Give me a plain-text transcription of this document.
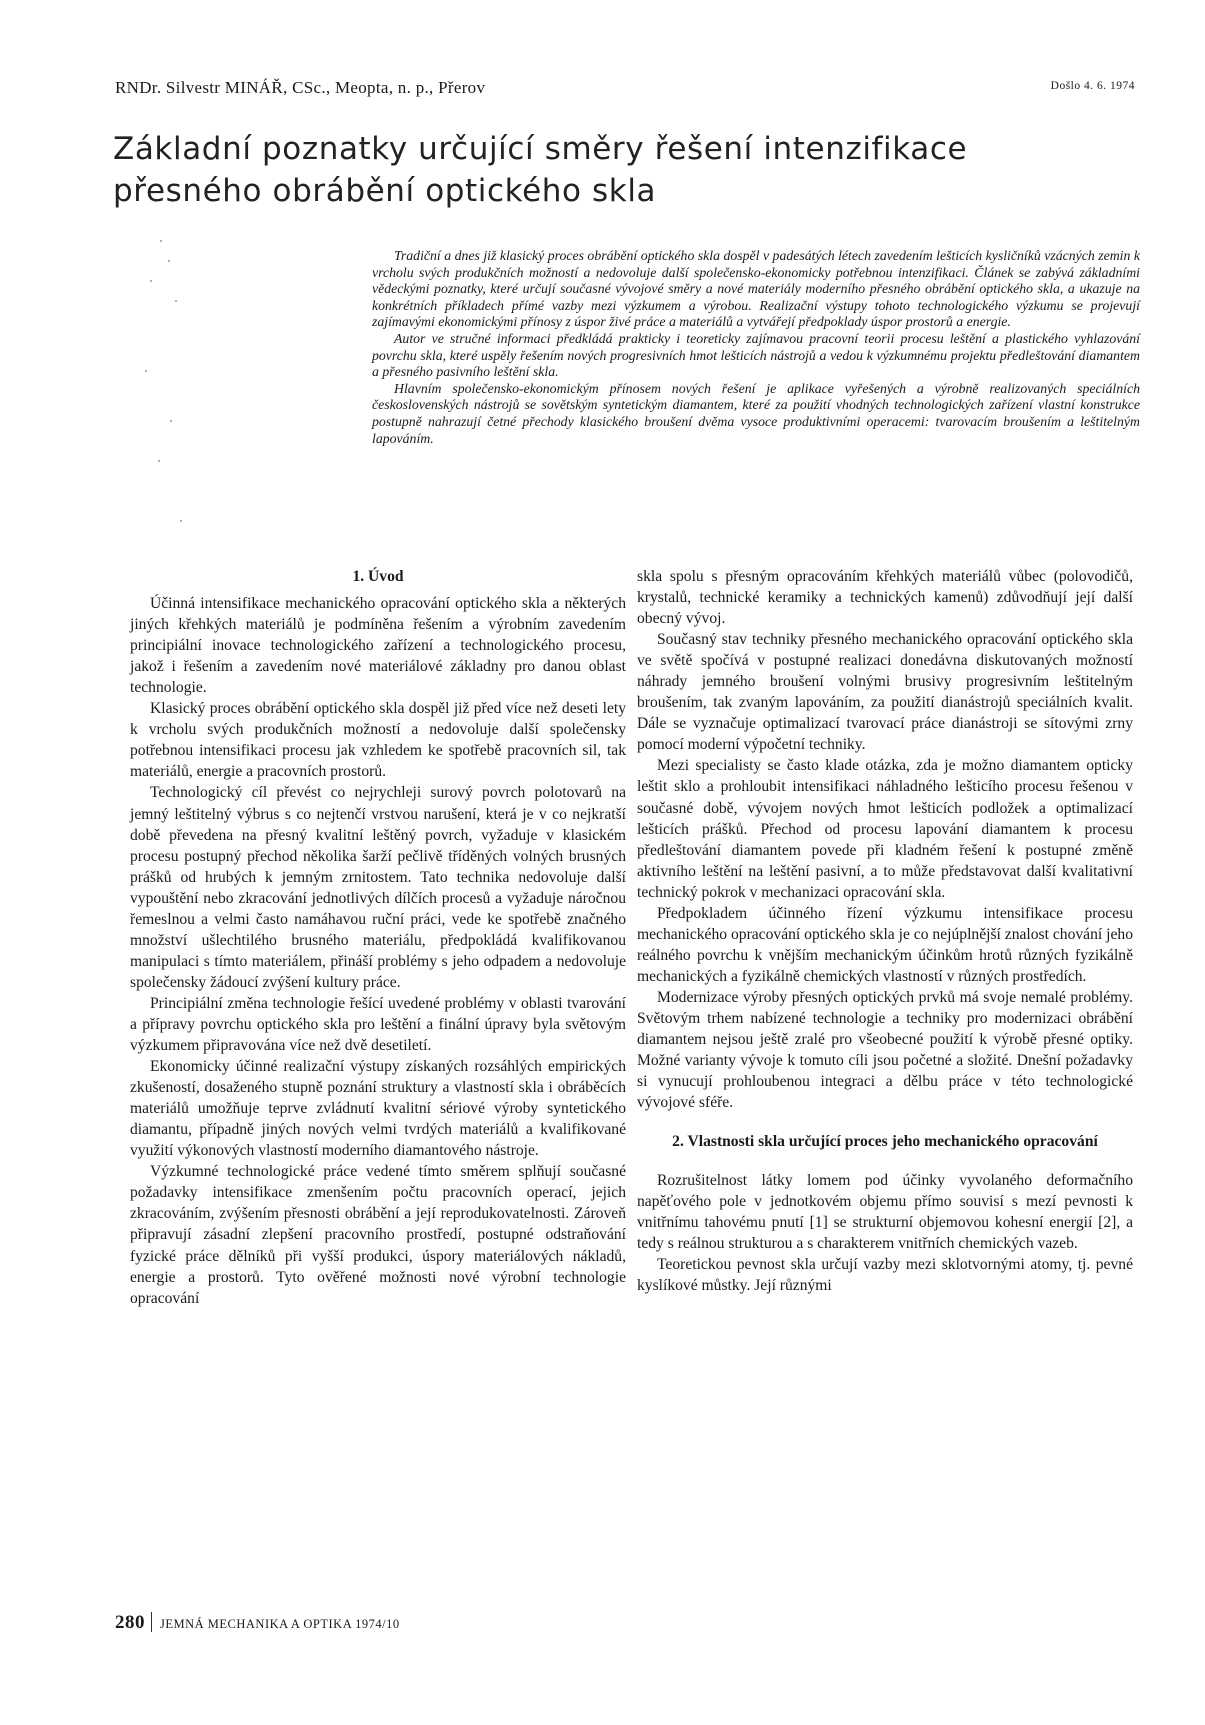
RNDr. Silvestr MINÁŘ, CSc., Meopta, n. p., Přerov	Došlo 4. 6. 1974
Základní poznatky určující směry řešení intenzifikace
přesného obrábění optického skla

Tradiční a dnes již klasický proces obrábění optického skla dospěl v padesátých létech zavedením lešticích kysličníků vzácných zemin k vrcholu svých produkčních možností a nedovoluje další společensko-ekonomicky potřebnou intenzifikaci. Článek se zabývá základními vědeckými poznatky, které určují současné vývojové směry a nové materiály moderního přesného obrábění optického skla, a ukazuje na konkrétních příkladech přímé vazby mezi výzkumem a výrobou. Realizační výstupy tohoto technologického výzkumu se projevují zajímavými ekonomickými přínosy z úspor živé práce a materiálů a vytvářejí předpoklady úspor prostorů a energie.

Autor ve stručné informaci předkládá prakticky i teoreticky zajímavou pracovní teorii procesu leštění a plastického vyhlazování povrchu skla, které uspěly řešením nových progresivních hmot lešticích nástrojů a vedou k výzkumnému projektu předleštování diamantem a přesného pasivního leštění skla.

Hlavním společensko-ekonomickým přínosem nových řešení je aplikace vyřešených a výrobně realizovaných speciálních československých nástrojů se sovětským syntetickým diamantem, které za použití vhodných technologických zařízení vlastní konstrukce postupně nahrazují četné přechody klasického broušení dvěma vysoce produktivními operacemi: tvarovacím broušením a leštitelným lapováním.

1. Úvod

Účinná intensifikace mechanického opracování optického skla a některých jiných křehkých materiálů je podmíněna řešením a výrobním zavedením principiální inovace technologického zařízení a technologického procesu, jakož i řešením a zavedením nové materiálové základny pro danou oblast technologie.

Klasický proces obrábění optického skla dospěl již před více než deseti lety k vrcholu svých produkčních možností a nedovoluje další společensky potřebnou intensifikaci procesu jak vzhledem ke spotřebě pracovních sil, tak materiálů, energie a pracovních prostorů.

Technologický cíl převést co nejrychleji surový povrch polotovarů na jemný leštitelný výbrus s co nejtenčí vrstvou narušení, která je v co nejkratší době převedena na přesný kvalitní leštěný povrch, vyžaduje v klasickém procesu postupný přechod několika šarží pečlivě tříděných volných brusných prášků od hrubých k jemným zrnitostem. Tato technika nedovoluje další vypouštění nebo zkracování jednotlivých dílčích procesů a vyžaduje náročnou řemeslnou a velmi často namáhavou ruční práci, vede ke spotřebě značného množství ušlechtilého brusného materiálu, předpokládá kvalifikovanou manipulaci s tímto materiálem, přináší problémy s jeho odpadem a nedovoluje společensky žádoucí zvýšení kultury práce.

Principiální změna technologie řešící uvedené problémy v oblasti tvarování a přípravy povrchu optického skla pro leštění a finální úpravy byla světovým výzkumem připravována více než dvě desetiletí.

Ekonomicky účinné realizační výstupy získaných rozsáhlých empirických zkušeností, dosaženého stupně poznání struktury a vlastností skla i obráběcích materiálů umožňuje teprve zvládnutí kvalitní sériové výroby syntetického diamantu, případně jiných nových velmi tvrdých materiálů a kvalifikované využití výkonových vlastností moderního diamantového nástroje.

Výzkumné technologické práce vedené tímto směrem splňují současné požadavky intensifikace zmenšením počtu pracovních operací, jejich zkracováním, zvýšením přesnosti obrábění a její reprodukovatelnosti. Zároveň připravují zásadní zlepšení pracovního prostředí, postupné odstraňování fyzické práce dělníků při vyšší produkci, úspory materiálových nákladů, energie a prostorů. Tyto ověřené možnosti nové výrobní technologie opracování

skla spolu s přesným opracováním křehkých materiálů vůbec (polovodičů, krystalů, technické keramiky a technických kamenů) zdůvodňují její další obecný vývoj.

Současný stav techniky přesného mechanického opracování optického skla ve světě spočívá v postupné realizaci donedávna diskutovaných možností náhrady jemného broušení volnými brusivy progresivním leštitelným broušením, tak zvaným lapováním, za použití dianástrojů speciálních kvalit. Dále se vyznačuje optimalizací tvarovací práce dianástroji se sítovými zrny pomocí moderní výpočetní techniky.

Mezi specialisty se často klade otázka, zda je možno diamantem opticky leštit sklo a prohloubit intensifikaci náhladného lešticího procesu řešenou v současné době, vývojem nových hmot lešticích podložek a optimalizací lešticích prášků. Přechod od procesu lapování diamantem k procesu předleštování diamantem povede při kladném řešení k postupné změně aktivního leštění na leštění pasivní, a to může představovat další kvalitativní technický pokrok v mechanizaci opracování skla.

Předpokladem účinného řízení výzkumu intensifikace procesu mechanického opracování optického skla je co nejúplnější znalost chování jeho reálného povrchu k vnějším mechanickým účinkům hrotů různých fyzikálně mechanických a fyzikálně chemických vlastností v různých prostředích.

Modernizace výroby přesných optických prvků má svoje nemalé problémy. Světovým trhem nabízené technologie a techniky pro modernizaci obrábění diamantem nejsou ještě zralé pro všeobecné použití k výrobě přesné optiky. Možné varianty vývoje k tomuto cíli jsou početné a složité. Dnešní požadavky si vynucují prohloubenou integraci a dělbu práce v této technologické vývojové sféře.

2. Vlastnosti skla určující proces jeho mechanického opracování

Rozrušitelnost látky lomem pod účinky vyvolaného deformačního napěťového pole v jednotkovém objemu přímo souvisí s mezí pevnosti k vnitřnímu tahovému pnutí [1] se strukturní objemovou kohesní energií [2], a tedy s reálnou strukturou a s charakterem vnitřních chemických vazeb.

Teoretickou pevnost skla určují vazby mezi sklotvornými atomy, tj. pevné kyslíkové můstky. Její různými

280 JEMNÁ MECHANIKA A OPTIKA 1974/10
